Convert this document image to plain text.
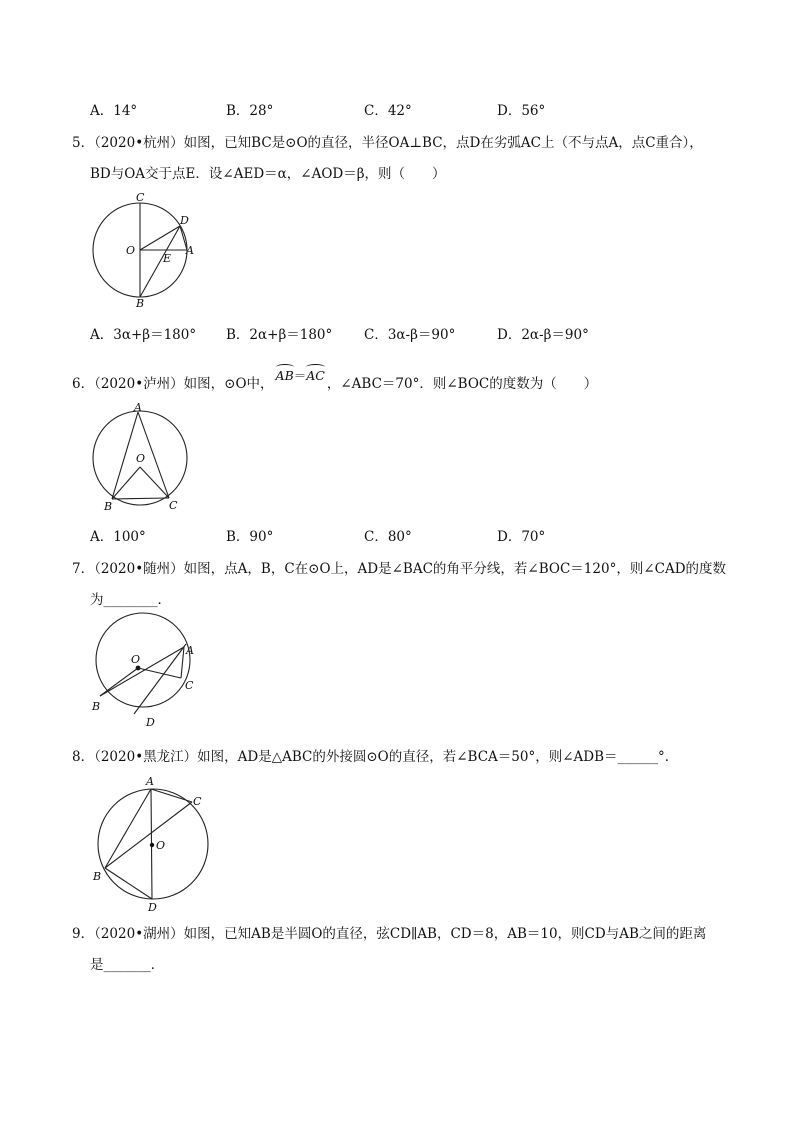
A．14°	B．28°	C．42°	D．56°
5．（2020•杭州）如图，已知BC是⊙O的直径，半径OA⊥BC，点D在劣弧AC上（不与点A，点C重合），
BD与OA交于点E．设∠AED＝α，∠AOD＝β，则（　　）
C
D
O	A
E
B
A．3α+β＝180° B．2α+β＝180° C．3α-β＝90°	D．2α-β＝90°
6．（2020•泸州）如图，⊙O中，
AB＝
AC，∠ABC＝70°．则∠BOC的度数为（　　）
A
O
B	C
A．100°	B．90°	C．80°	D．70°
7．（2020•随州）如图，点A，B，C在⊙O上，AD是∠BAC的角平分线，若∠BOC＝120°，则∠CAD的度数
为________．
O
A
C
B
D
8．（2020•黑龙江）如图，AD是△ABC的外接圆⊙O的直径，若∠BCA＝50°，则∠ADB＝______°．
A
C
O
B
D
9．（2020•湖州）如图，已知AB是半圆O的直径，弦CD∥AB，CD＝8，AB＝10，则CD与AB之间的距离
是_______．
